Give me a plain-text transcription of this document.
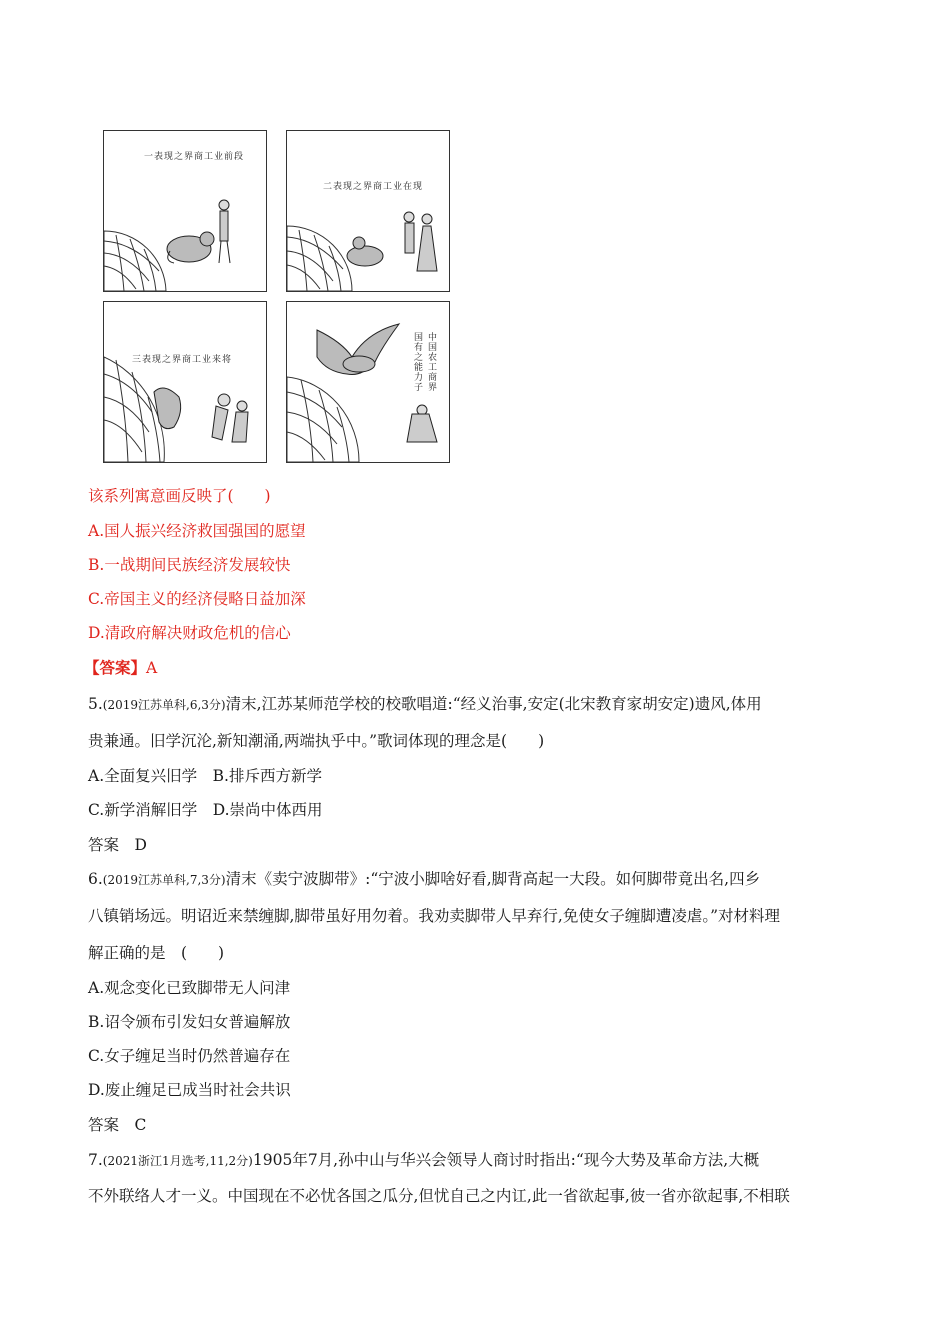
一表现之界商工业前段
二表现之界商工业在现
三表现之界商工业来将	中国农工商界
国有之能力子
该系列寓意画反映了(　　)
A.国人振兴经济救国强国的愿望
B.一战期间民族经济发展较快
C.帝国主义的经济侵略日益加深
D.清政府解决财政危机的信心
【答案】A
5.(2019江苏单科,6,3分)清末,江苏某师范学校的校歌唱道:“经义治事,安定(北宋教育家胡安定)遗风,体用
贵兼通。旧学沉沦,新知潮涌,两端执乎中。”歌词体现的理念是(　　)
A.全面复兴旧学　B.排斥西方新学
C.新学消解旧学　D.崇尚中体西用
答案　D
6.(2019江苏单科,7,3分)清末《卖宁波脚带》:“宁波小脚啥好看,脚背高起一大段。如何脚带竟出名,四乡
八镇销场远。明诏近来禁缠脚,脚带虽好用勿着。我劝卖脚带人早弃行,免使女子缠脚遭凌虐。”对材料理
解正确的是　(　　)
A.观念变化已致脚带无人问津
B.诏令颁布引发妇女普遍解放
C.女子缠足当时仍然普遍存在
D.废止缠足已成当时社会共识
答案　C
7.(2021浙江1月选考,11,2分)1905年7月,孙中山与华兴会领导人商讨时指出:“现今大势及革命方法,大概
不外联络人才一义。中国现在不必忧各国之瓜分,但忧自己之内讧,此一省欲起事,彼一省亦欲起事,不相联
